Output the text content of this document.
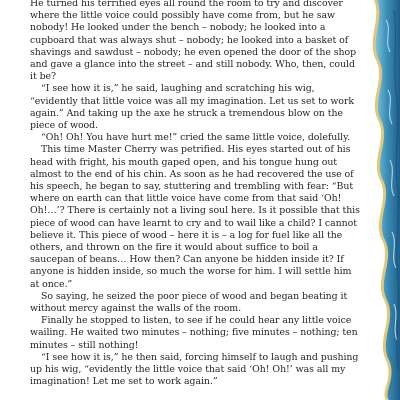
He turned his terrified eyes all round the room to try and discover where the little voice could possibly have come from, but he saw nobody! He looked under the bench – nobody; he looked into a cupboard that was always shut – nobody; he looked into a basket of shavings and sawdust – nobody; he even opened the door of the shop and gave a glance into the street – and still nobody. Who, then, could it be?

“I see how it is,” he said, laughing and scratching his wig, “evidently that little voice was all my imagination. Let us set to work again.” And taking up the axe he struck a tremendous blow on the piece of wood.

“Oh! Oh! You have hurt me!” cried the same little voice, dolefully.

This time Master Cherry was petrified. His eyes started out of his head with fright, his mouth gaped open, and his tongue hung out almost to the end of his chin. As soon as he had recovered the use of his speech, he began to say, stuttering and trembling with fear: “But where on earth can that little voice have come from that said ‘Oh! Oh!…’? There is certainly not a living soul here. Is it possible that this piece of wood can have learnt to cry and to wail like a child? I cannot believe it. This piece of wood – here it is – a log for fuel like all the others, and thrown on the fire it would about suffice to boil a saucepan of beans… How then? Can anyone be hidden inside it? If anyone is hidden inside, so much the worse for him. I will settle him at once.”

So saying, he seized the poor piece of wood and began beating it without mercy against the walls of the room.

Finally he stopped to listen, to see if he could hear any little voice wailing. He waited two minutes – nothing; five minutes – nothing; ten minutes – still nothing!

“I see how it is,” he then said, forcing himself to laugh and pushing up his wig, “evidently the little voice that said ‘Oh! Oh!’ was all my imagination! Let me set to work again.”
